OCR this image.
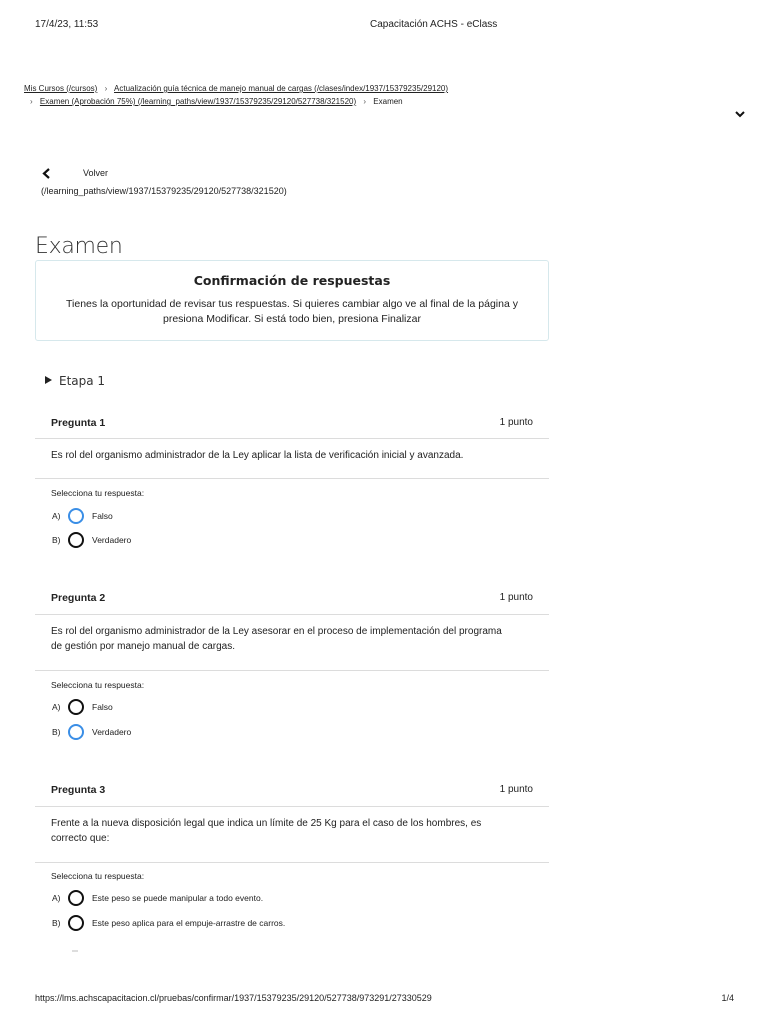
17/4/23, 11:53	Capacitación ACHS - eClass
Mis Cursos (/cursos) › Actualización guía técnica de manejo manual de cargas (/clases/index/1937/15379235/29120)
› Examen (Aprobación 75%) (/learning_paths/view/1937/15379235/29120/527738/321520) › Examen
Volver
(/learning_paths/view/1937/15379235/29120/527738/321520)
Examen
Confirmación de respuestas
Tienes la oportunidad de revisar tus respuestas. Si quieres cambiar algo ve al final de la página y presiona Modificar. Si está todo bien, presiona Finalizar
Etapa 1
Pregunta 1	1 punto
Es rol del organismo administrador de la Ley aplicar la lista de verificación inicial y avanzada.
Selecciona tu respuesta:
A)	Falso
B)	Verdadero
Pregunta 2	1 punto
Es rol del organismo administrador de la Ley asesorar en el proceso de implementación del programa de gestión por manejo manual de cargas.
Selecciona tu respuesta:
A)	Falso
B)	Verdadero
Pregunta 3	1 punto
Frente a la nueva disposición legal que indica un límite de 25 Kg para el caso de los hombres, es correcto que:
Selecciona tu respuesta:
A)	Este peso se puede manipular a todo evento.
B)	Este peso aplica para el empuje-arrastre de carros.
https://lms.achscapacitacion.cl/pruebas/confirmar/1937/15379235/29120/527738/973291/27330529	1/4
